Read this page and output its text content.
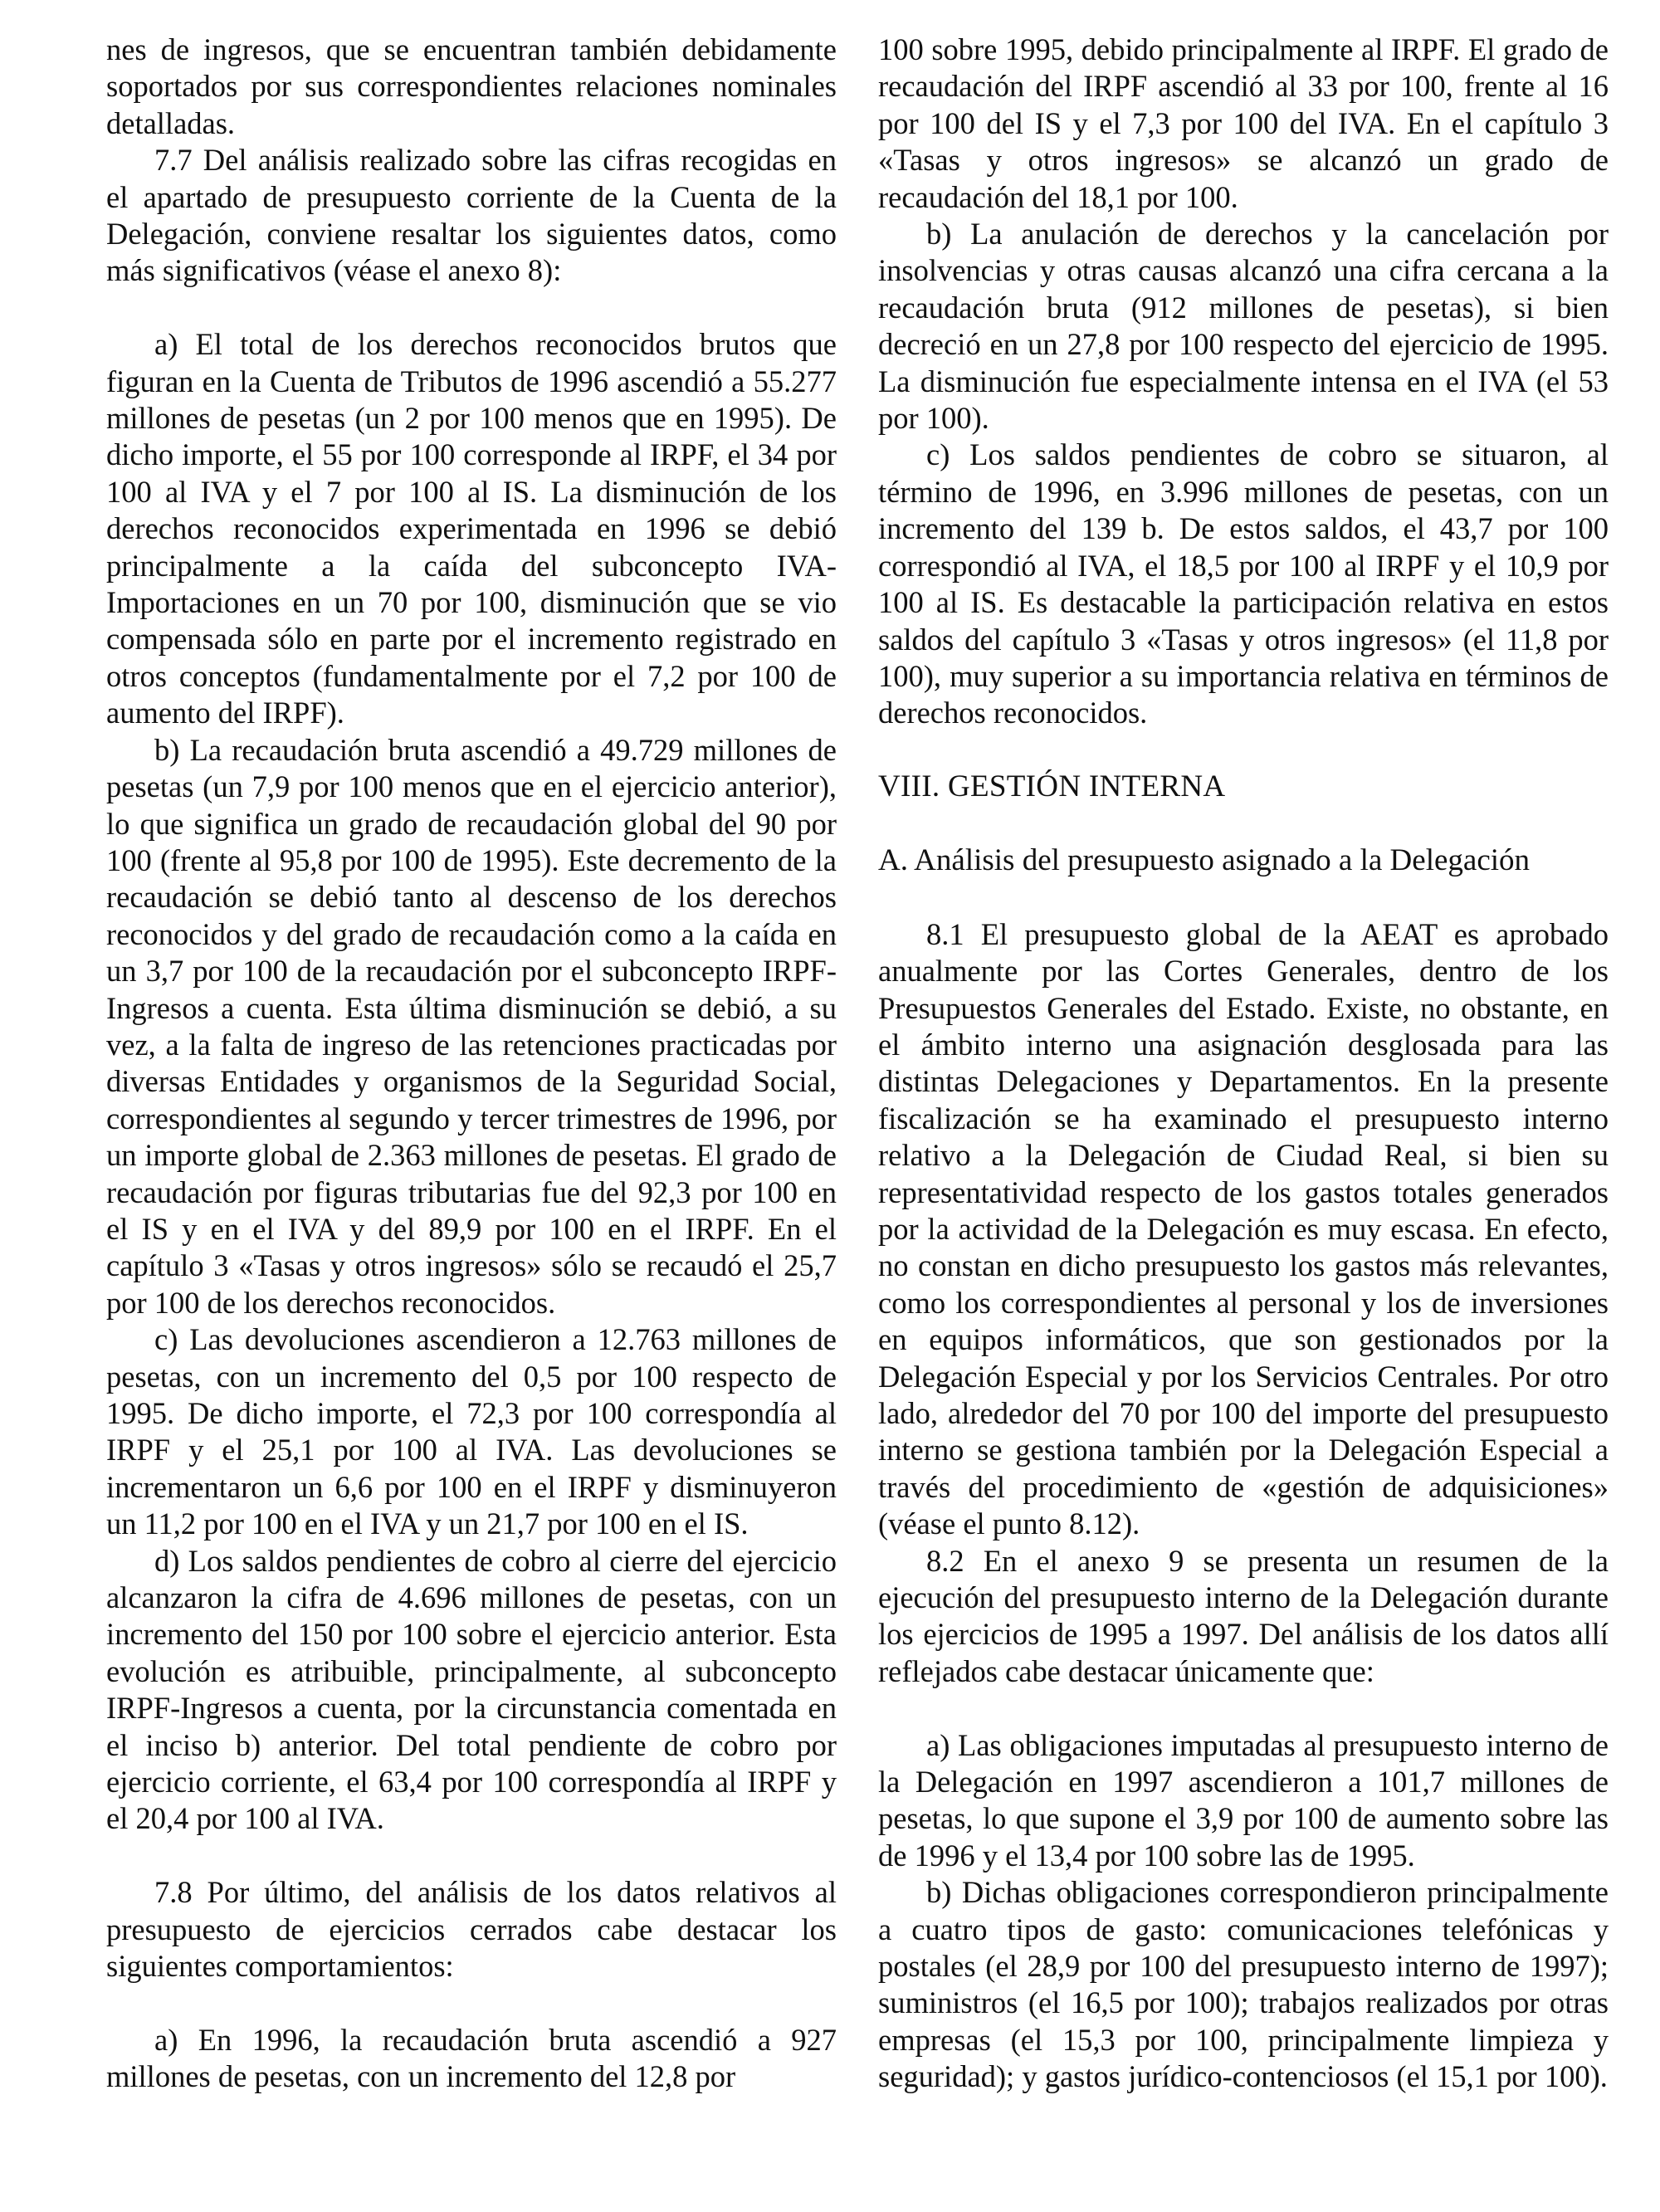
nes de ingresos, que se encuentran también debidamente soportados por sus correspondientes relaciones nominales detalladas.

7.7 Del análisis realizado sobre las cifras recogidas en el apartado de presupuesto corriente de la Cuenta de la Delegación, conviene resaltar los siguientes datos, como más significativos (véase el anexo 8):

a) El total de los derechos reconocidos brutos que figuran en la Cuenta de Tributos de 1996 ascendió a 55.277 millones de pesetas (un 2 por 100 menos que en 1995). De dicho importe, el 55 por 100 corresponde al IRPF, el 34 por 100 al IVA y el 7 por 100 al IS. La disminución de los derechos reconocidos experimentada en 1996 se debió principalmente a la caída del subconcepto IVA-Importaciones en un 70 por 100, disminución que se vio compensada sólo en parte por el incremento registrado en otros conceptos (fundamentalmente por el 7,2 por 100 de aumento del IRPF).

b) La recaudación bruta ascendió a 49.729 millones de pesetas (un 7,9 por 100 menos que en el ejercicio anterior), lo que significa un grado de recaudación global del 90 por 100 (frente al 95,8 por 100 de 1995). Este decremento de la recaudación se debió tanto al descenso de los derechos reconocidos y del grado de recaudación como a la caída en un 3,7 por 100 de la recaudación por el subconcepto IRPF-Ingresos a cuenta. Esta última disminución se debió, a su vez, a la falta de ingreso de las retenciones practicadas por diversas Entidades y organismos de la Seguridad Social, correspondientes al segundo y tercer trimestres de 1996, por un importe global de 2.363 millones de pesetas. El grado de recaudación por figuras tributarias fue del 92,3 por 100 en el IS y en el IVA y del 89,9 por 100 en el IRPF. En el capítulo 3 «Tasas y otros ingresos» sólo se recaudó el 25,7 por 100 de los derechos reconocidos.

c) Las devoluciones ascendieron a 12.763 millones de pesetas, con un incremento del 0,5 por 100 respecto de 1995. De dicho importe, el 72,3 por 100 correspondía al IRPF y el 25,1 por 100 al IVA. Las devoluciones se incrementaron un 6,6 por 100 en el IRPF y disminuyeron un 11,2 por 100 en el IVA y un 21,7 por 100 en el IS.

d) Los saldos pendientes de cobro al cierre del ejercicio alcanzaron la cifra de 4.696 millones de pesetas, con un incremento del 150 por 100 sobre el ejercicio anterior. Esta evolución es atribuible, principalmente, al subconcepto IRPF-Ingresos a cuenta, por la circunstancia comentada en el inciso b) anterior. Del total pendiente de cobro por ejercicio corriente, el 63,4 por 100 correspondía al IRPF y el 20,4 por 100 al IVA.

7.8 Por último, del análisis de los datos relativos al presupuesto de ejercicios cerrados cabe destacar los siguientes comportamientos:

a) En 1996, la recaudación bruta ascendió a 927 millones de pesetas, con un incremento del 12,8 por

100 sobre 1995, debido principalmente al IRPF. El grado de recaudación del IRPF ascendió al 33 por 100, frente al 16 por 100 del IS y el 7,3 por 100 del IVA. En el capítulo 3 «Tasas y otros ingresos» se alcanzó un grado de recaudación del 18,1 por 100.

b) La anulación de derechos y la cancelación por insolvencias y otras causas alcanzó una cifra cercana a la recaudación bruta (912 millones de pesetas), si bien decreció en un 27,8 por 100 respecto del ejercicio de 1995. La disminución fue especialmente intensa en el IVA (el 53 por 100).

c) Los saldos pendientes de cobro se situaron, al término de 1996, en 3.996 millones de pesetas, con un incremento del 139 b. De estos saldos, el 43,7 por 100 correspondió al IVA, el 18,5 por 100 al IRPF y el 10,9 por 100 al IS. Es destacable la participación relativa en estos saldos del capítulo 3 «Tasas y otros ingresos» (el 11,8 por 100), muy superior a su importancia relativa en términos de derechos reconocidos.

VIII. GESTIÓN INTERNA

A. Análisis del presupuesto asignado a la Delegación

8.1 El presupuesto global de la AEAT es aprobado anualmente por las Cortes Generales, dentro de los Presupuestos Generales del Estado. Existe, no obstante, en el ámbito interno una asignación desglosada para las distintas Delegaciones y Departamentos. En la presente fiscalización se ha examinado el presupuesto interno relativo a la Delegación de Ciudad Real, si bien su representatividad respecto de los gastos totales generados por la actividad de la Delegación es muy escasa. En efecto, no constan en dicho presupuesto los gastos más relevantes, como los correspondientes al personal y los de inversiones en equipos informáticos, que son gestionados por la Delegación Especial y por los Servicios Centrales. Por otro lado, alrededor del 70 por 100 del importe del presupuesto interno se gestiona también por la Delegación Especial a través del procedimiento de «gestión de adquisiciones» (véase el punto 8.12).

8.2 En el anexo 9 se presenta un resumen de la ejecución del presupuesto interno de la Delegación durante los ejercicios de 1995 a 1997. Del análisis de los datos allí reflejados cabe destacar únicamente que:

a) Las obligaciones imputadas al presupuesto interno de la Delegación en 1997 ascendieron a 101,7 millones de pesetas, lo que supone el 3,9 por 100 de aumento sobre las de 1996 y el 13,4 por 100 sobre las de 1995.

b) Dichas obligaciones correspondieron principalmente a cuatro tipos de gasto: comunicaciones telefónicas y postales (el 28,9 por 100 del presupuesto interno de 1997); suministros (el 16,5 por 100); trabajos realizados por otras empresas (el 15,3 por 100, principalmente limpieza y seguridad); y gastos jurídico-contenciosos (el 15,1 por 100).
